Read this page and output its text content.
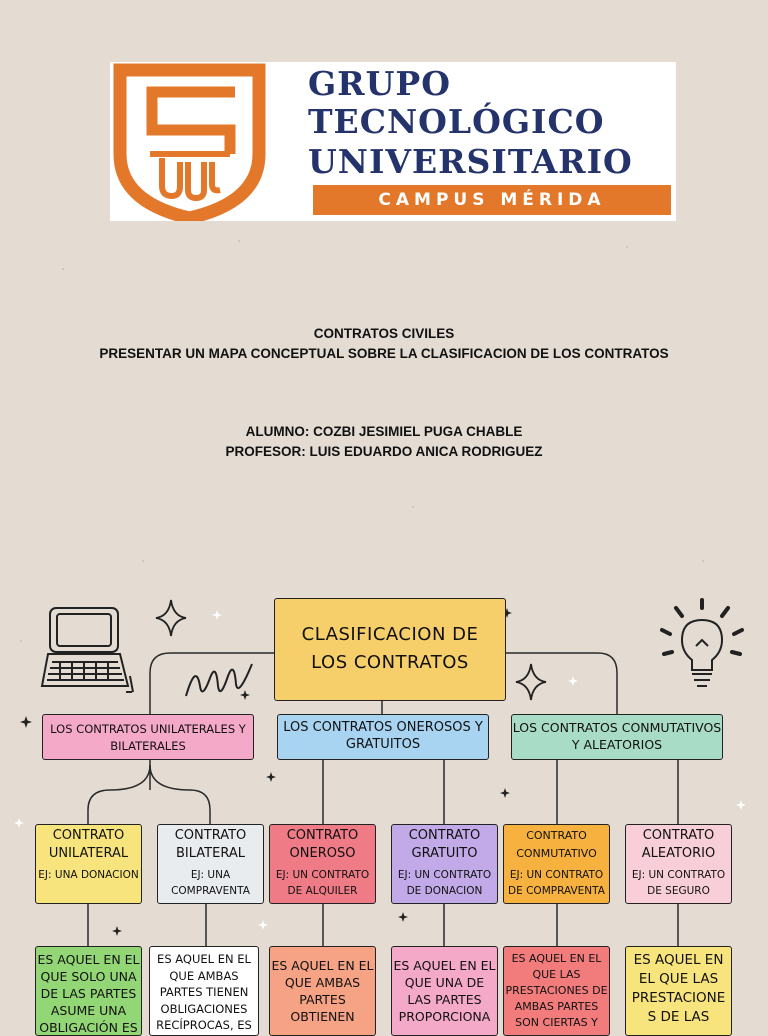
GRUPO
TECNOLÓGICO
UNIVERSITARIO
CAMPUS MÉRIDA
CONTRATOS CIVILES
PRESENTAR UN MAPA CONCEPTUAL SOBRE LA CLASIFICACION DE LOS CONTRATOS
ALUMNO: COZBI JESIMIEL PUGA CHABLE
PROFESOR: LUIS EDUARDO ANICA RODRIGUEZ
CLASIFICACION DE
LOS CONTRATOS
LOS CONTRATOS UNILATERALES Y BILATERALES
LOS CONTRATOS ONEROSOS Y GRATUITOS
LOS CONTRATOS CONMUTATIVOS Y ALEATORIOS
CONTRATO UNILATERAL
EJ: UNA DONACION
CONTRATO BILATERAL
EJ: UNA COMPRAVENTA
CONTRATO ONEROSO
EJ: UN CONTRATO DE ALQUILER
CONTRATO GRATUITO
EJ: UN CONTRATO DE DONACION
CONTRATO CONMUTATIVO
EJ: UN CONTRATO DE COMPRAVENTA
CONTRATO ALEATORIO
EJ: UN CONTRATO DE SEGURO
ES AQUEL EN EL QUE SOLO UNA DE LAS PARTES ASUME UNA OBLIGACIÓN ES
ES AQUEL EN EL QUE AMBAS PARTES TIENEN OBLIGACIONES RECÍPROCAS, ES
ES AQUEL EN EL QUE AMBAS PARTES OBTIENEN
ES AQUEL EN EL QUE UNA DE LAS PARTES PROPORCIONA
ES AQUEL EN EL QUE LAS PRESTACIONES DE AMBAS PARTES SON CIERTAS Y
ES AQUEL EN EL QUE LAS PRESTACIONE S DE LAS
